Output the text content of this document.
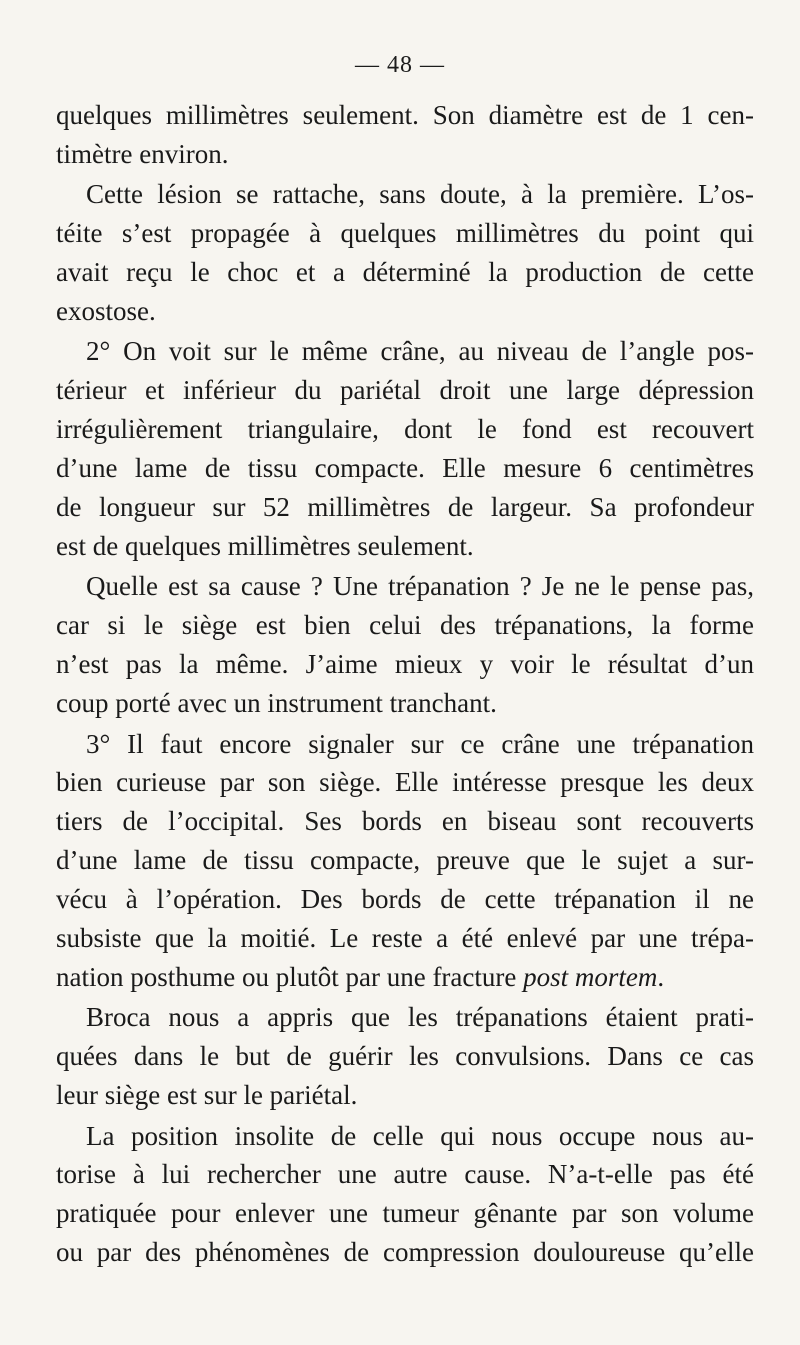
— 48 —
quelques millimètres seulement. Son diamètre est de 1 cen-
timètre environ.
Cette lésion se rattache, sans doute, à la première. L’os-
téite s’est propagée à quelques millimètres du point qui
avait reçu le choc et a déterminé la production de cette
exostose.
2° On voit sur le même crâne, au niveau de l’angle pos-
térieur et inférieur du pariétal droit une large dépression
irrégulièrement triangulaire, dont le fond est recouvert
d’une lame de tissu compacte. Elle mesure 6 centimètres
de longueur sur 52 millimètres de largeur. Sa profondeur
est de quelques millimètres seulement.
Quelle est sa cause ? Une trépanation ? Je ne le pense pas,
car si le siège est bien celui des trépanations, la forme
n’est pas la même. J’aime mieux y voir le résultat d’un
coup porté avec un instrument tranchant.
3° Il faut encore signaler sur ce crâne une trépanation
bien curieuse par son siège. Elle intéresse presque les deux
tiers de l’occipital. Ses bords en biseau sont recouverts
d’une lame de tissu compacte, preuve que le sujet a sur-
vécu à l’opération. Des bords de cette trépanation il ne
subsiste que la moitié. Le reste a été enlevé par une trépa-
nation posthume ou plutôt par une fracture post mortem.
Broca nous a appris que les trépanations étaient prati-
quées dans le but de guérir les convulsions. Dans ce cas
leur siège est sur le pariétal.
La position insolite de celle qui nous occupe nous au-
torise à lui rechercher une autre cause. N’a-t-elle pas été
pratiquée pour enlever une tumeur gênante par son volume
ou par des phénomènes de compression douloureuse qu’elle
